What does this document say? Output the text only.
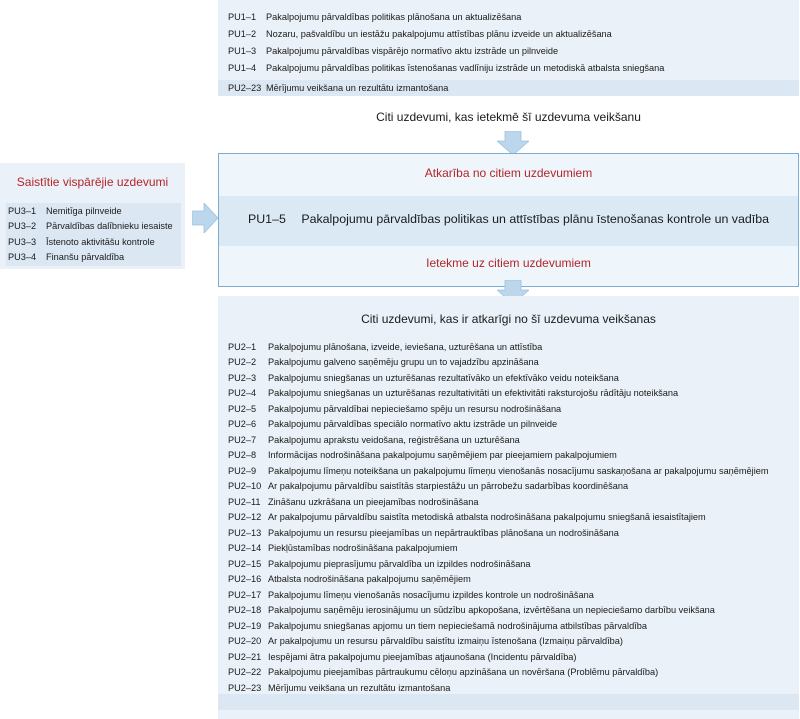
PU1–1	Pakalpojumu pārvaldības politikas plānošana un aktualizēšana
PU1–2	Nozaru, pašvaldību un iestāžu pakalpojumu attīstības plānu izveide un aktualizēšana
PU1–3	Pakalpojumu pārvaldības vispārējo normatīvo aktu izstrāde un pilnveide
PU1–4	Pakalpojumu pārvaldības politikas īstenošanas vadlīniju izstrāde un metodiskā atbalsta sniegšana
PU2–23 Mērījumu veikšana un rezultātu izmantošana
Citi uzdevumi, kas ietekmē šī uzdevuma veikšanu
Atkarība no citiem uzdevumiem
PU1–5 Pakalpojumu pārvaldības politikas un attīstības plānu īstenošanas kontrole un vadība
Ietekme uz citiem uzdevumiem
Saistītie vispārējie uzdevumi
PU3–1	Nemitīga pilnveide
PU3–2	Pārvaldības dalībnieku iesaiste
PU3–3	Īstenoto aktivitāšu kontrole
PU3–4	Finanšu pārvaldība
Citi uzdevumi, kas ir atkarīgi no šī uzdevuma veikšanas
PU2–1	Pakalpojumu plānošana, izveide, ieviešana, uzturēšana un attīstība
PU2–2	Pakalpojumu galveno saņēmēju grupu un to vajadzību apzināšana
PU2–3	Pakalpojumu sniegšanas un uzturēšanas rezultatīvāko un efektīvāko veidu noteikšana
PU2–4	Pakalpojumu sniegšanas un uzturēšanas rezultativitāti un efektivitāti raksturojošu rādītāju noteikšana
PU2–5	Pakalpojumu pārvaldībai nepieciešamo spēju un resursu nodrošināšana
PU2–6	Pakalpojumu pārvaldības speciālo normatīvo aktu izstrāde un pilnveide
PU2–7	Pakalpojumu aprakstu veidošana, reģistrēšana un uzturēšana
PU2–8	Informācijas nodrošināšana pakalpojumu saņēmējiem par pieejamiem pakalpojumiem
PU2–9	Pakalpojumu līmeņu noteikšana un pakalpojumu līmeņu vienošanās nosacījumu saskaņošana ar pakalpojumu saņēmējiem
PU2–10 Ar pakalpojumu pārvaldību saistītās starpiestāžu un pārrobežu sadarbības koordinēšana
PU2–11 Zināšanu uzkrāšana un pieejamības nodrošināšana
PU2–12 Ar pakalpojumu pārvaldību saistīta metodiskā atbalsta nodrošināšana pakalpojumu sniegšanā iesaistītajiem
PU2–13 Pakalpojumu un resursu pieejamības un nepārtrauktības plānošana un nodrošināšana
PU2–14 Piekļūstamības nodrošināšana pakalpojumiem
PU2–15 Pakalpojumu pieprasījumu pārvaldība un izpildes nodrošināšana
PU2–16 Atbalsta nodrošināšana pakalpojumu saņēmējiem
PU2–17 Pakalpojumu līmeņu vienošanās nosacījumu izpildes kontrole un nodrošināšana
PU2–18 Pakalpojumu saņēmēju ierosinājumu un sūdzību apkopošana, izvērtēšana un nepieciešamo darbību veikšana
PU2–19 Pakalpojumu sniegšanas apjomu un tiem nepieciešamā nodrošinājuma atbilstības pārvaldība
PU2–20 Ar pakalpojumu un resursu pārvaldību saistītu izmaiņu īstenošana (Izmaiņu pārvaldība)
PU2–21 Iespējami ātra pakalpojumu pieejamības atjaunošana (Incidentu pārvaldība)
PU2–22 Pakalpojumu pieejamības pārtraukumu cēloņu apzināšana un novēršana (Problēmu pārvaldība)
PU2–23 Mērījumu veikšana un rezultātu izmantošana
